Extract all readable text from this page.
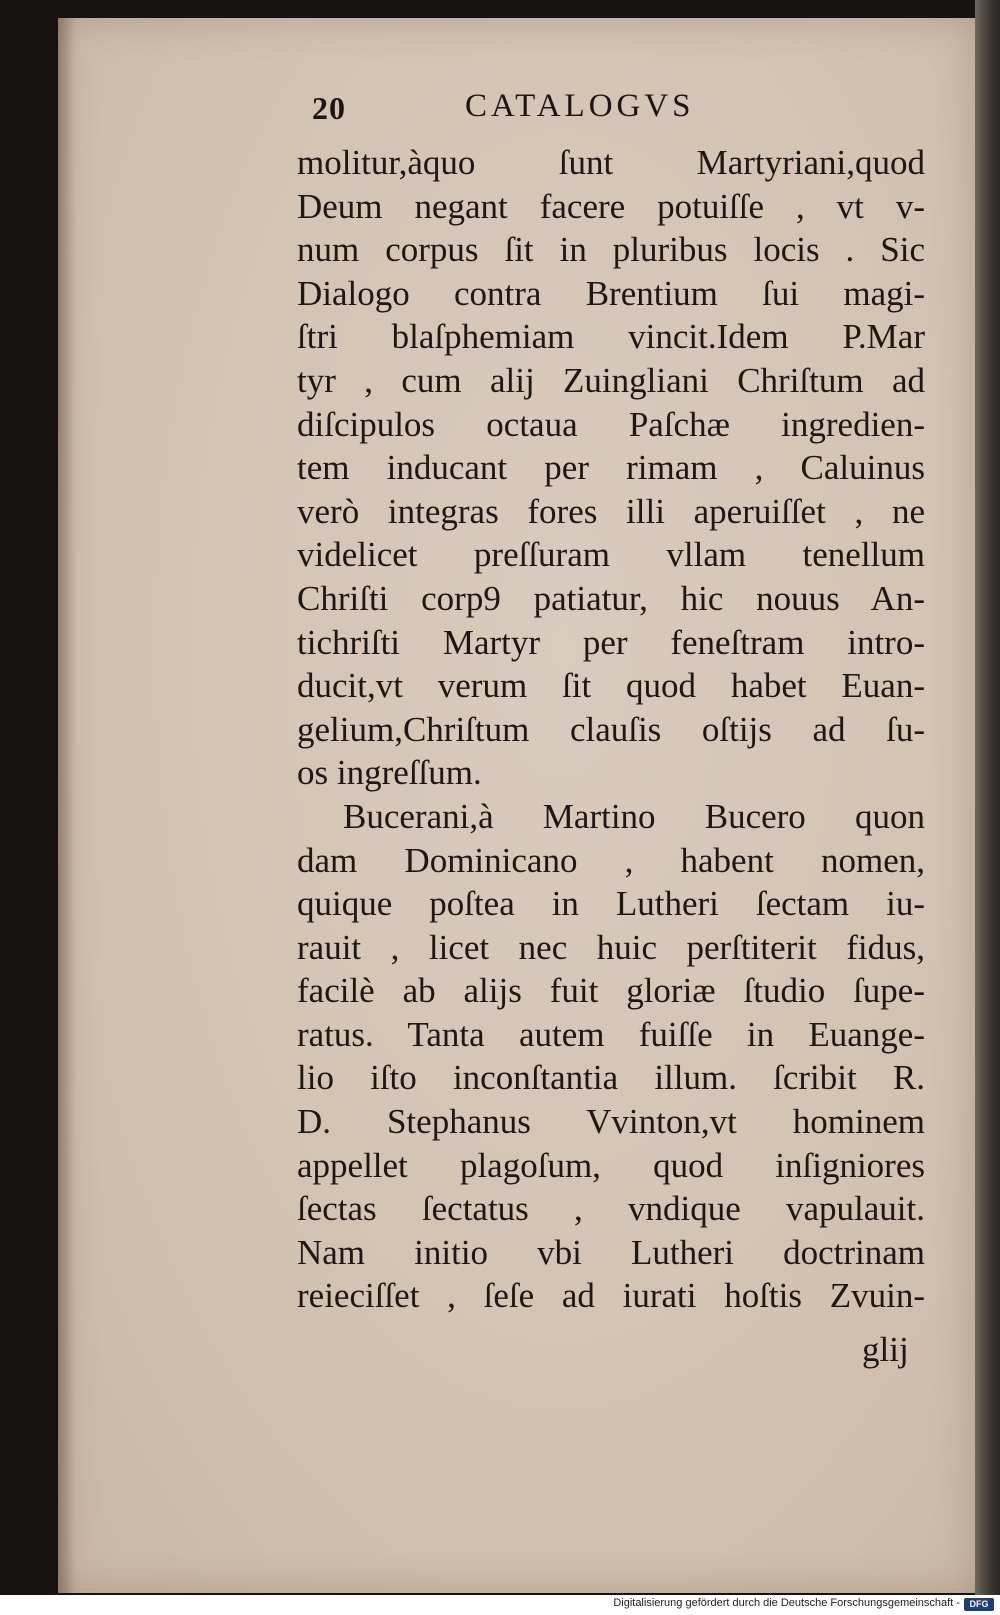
20	CATALOGVS
molitur,àquo ſunt Martyriani,quod
Deum negant facere potuiſſe , vt v-
num corpus ſit in pluribus locis . Sic
Dialogo contra Brentium ſui magi-
ſtri blaſphemiam vincit.Idem P.Mar
tyr , cum alij Zuingliani Chriſtum ad
diſcipulos octaua Paſchæ ingredien-
tem inducant per rimam , Caluinus
verò integras fores illi aperuiſſet , ne
videlicet preſſuram vllam tenellum
Chriſti corp9 patiatur, hic nouus An-
tichriſti Martyr per feneſtram intro-
ducit,vt verum ſit quod habet Euan-
gelium,Chriſtum clauſis oſtijs ad ſu-
os ingreſſum.
Bucerani,à Martino Bucero quon
dam Dominicano , habent nomen,
quique poſtea in Lutheri ſectam iu-
rauit , licet nec huic perſtiterit fidus,
facilè ab alijs fuit gloriæ ſtudio ſupe-
ratus. Tanta autem fuiſſe in Euange-
lio iſto inconſtantia illum. ſcribit R.
D. Stephanus Vvinton,vt hominem
appellet plagoſum, quod inſigniores
ſectas ſectatus , vndique vapulauit.
Nam initio vbi Lutheri doctrinam
reieciſſet , ſeſe ad iurati hoſtis Zvuin-
glij
Digitalisierung gefördert durch die Deutsche Forschungsgemeinschaft -	DFG
